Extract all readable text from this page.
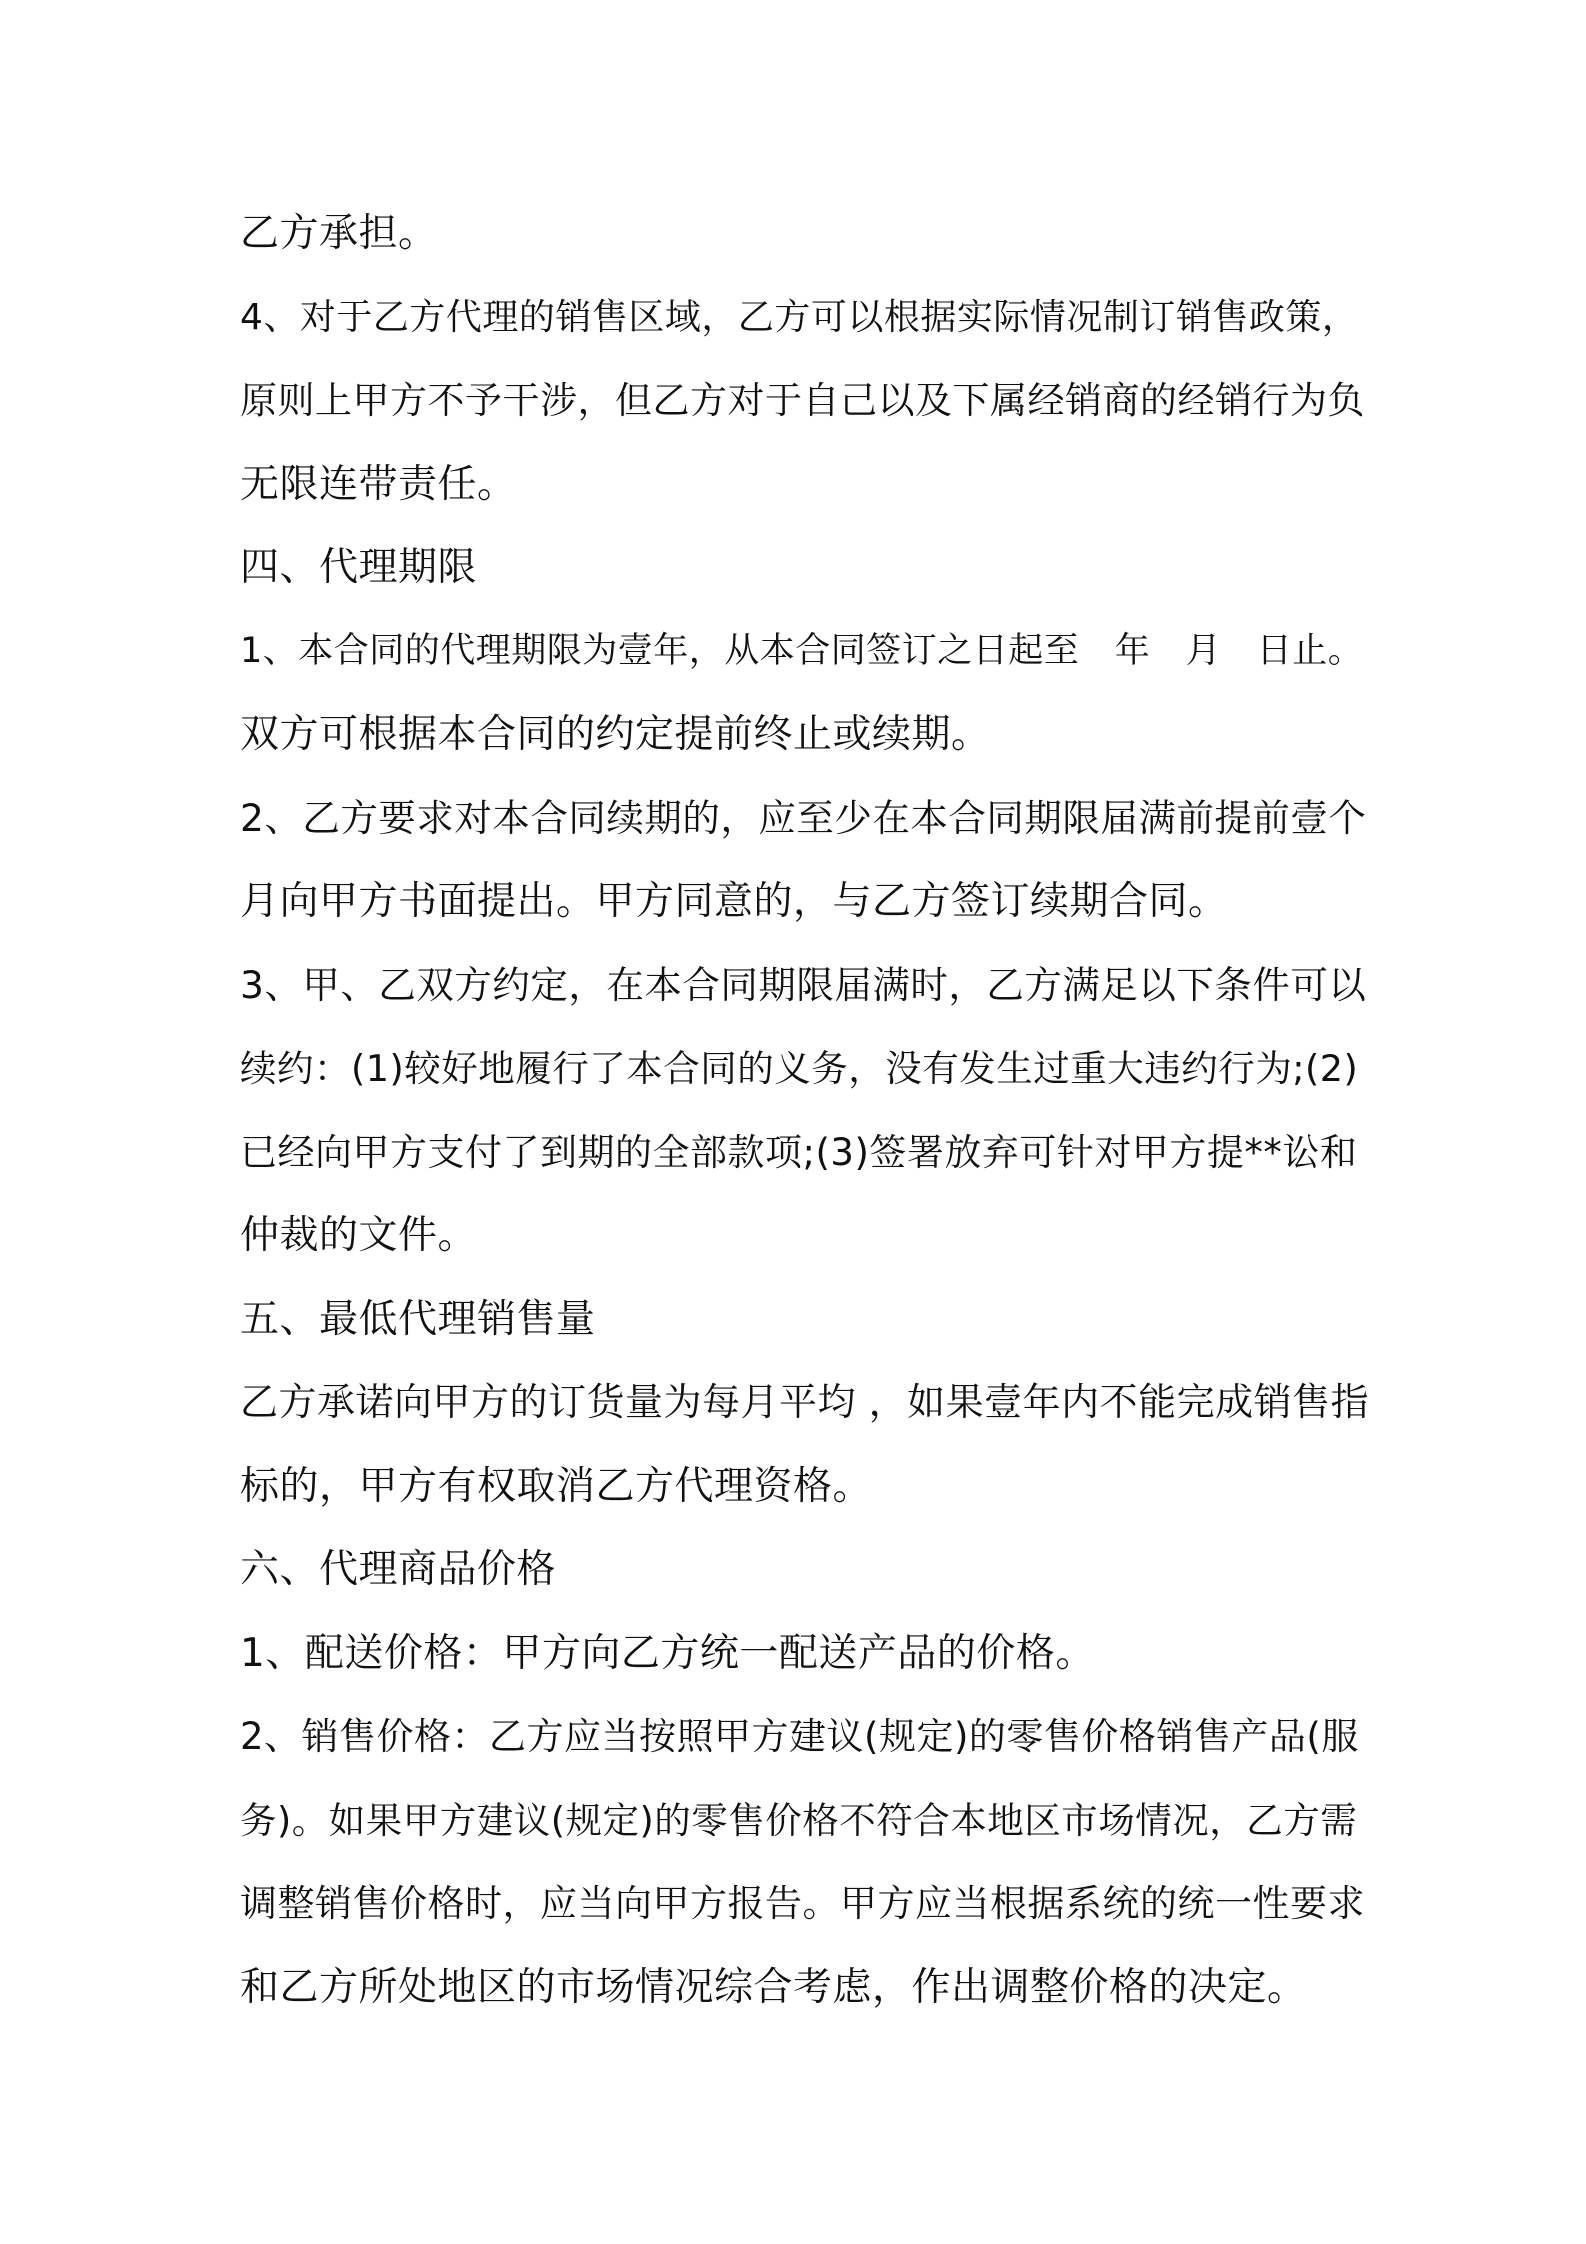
乙方承担。
4、对于乙方代理的销售区域，乙方可以根据实际情况制订销售政策，
原则上甲方不予干涉，但乙方对于自己以及下属经销商的经销行为负
无限连带责任。
四、代理期限
1、本合同的代理期限为壹年，从本合同签订之日起至　年　月　日止。
双方可根据本合同的约定提前终止或续期。
2、乙方要求对本合同续期的，应至少在本合同期限届满前提前壹个
月向甲方书面提出。甲方同意的，与乙方签订续期合同。
3、甲、乙双方约定，在本合同期限届满时，乙方满足以下条件可以
续约：(1)较好地履行了本合同的义务，没有发生过重大违约行为;(2)
已经向甲方支付了到期的全部款项;(3)签署放弃可针对甲方提**讼和
仲裁的文件。
五、最低代理销售量
乙方承诺向甲方的订货量为每月平均 ，如果壹年内不能完成销售指
标的，甲方有权取消乙方代理资格。
六、代理商品价格
1、配送价格：甲方向乙方统一配送产品的价格。
2、销售价格：乙方应当按照甲方建议(规定)的零售价格销售产品(服
务)。如果甲方建议(规定)的零售价格不符合本地区市场情况，乙方需
调整销售价格时，应当向甲方报告。甲方应当根据系统的统一性要求
和乙方所处地区的市场情况综合考虑，作出调整价格的决定。
